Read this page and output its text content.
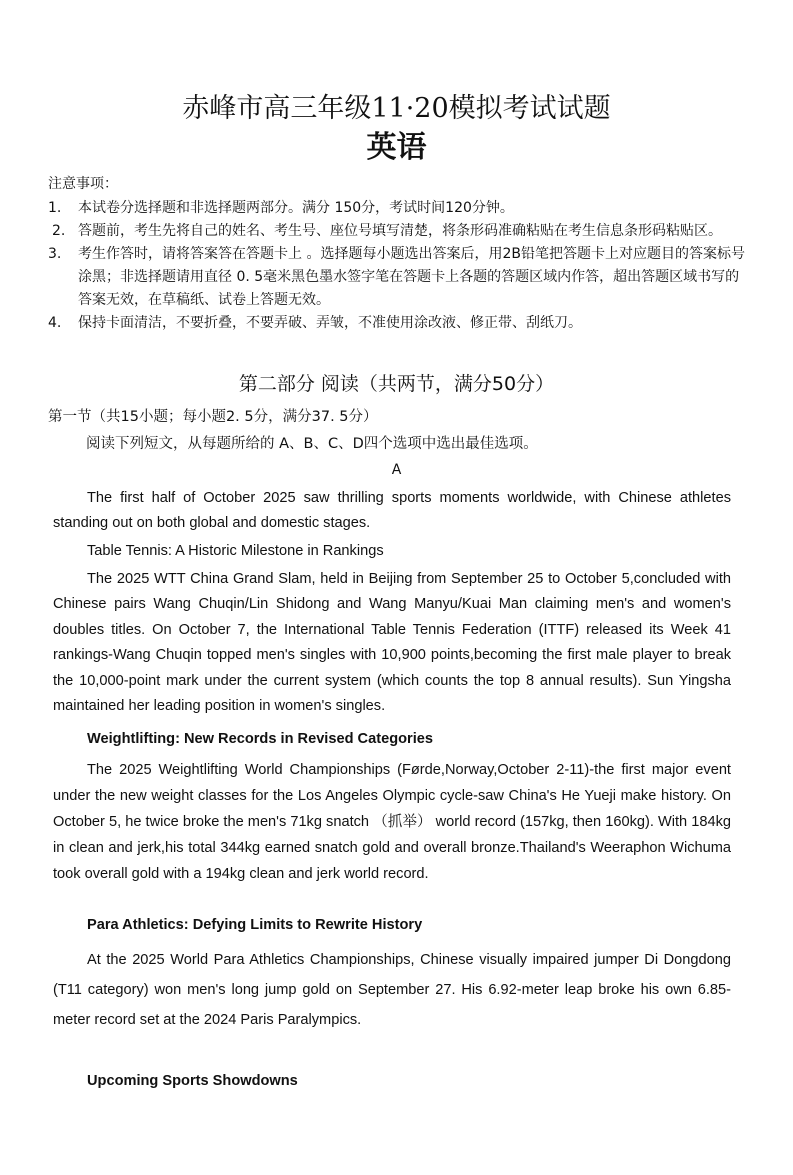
赤峰市高三年级11·20模拟考试试题
英语
注意事项：
1. 本试卷分选择题和非选择题两部分。满分 150分，考试时间120分钟。
2. 答题前，考生先将自己的姓名、考生号、座位号填写清楚，将条形码准确粘贴在考生信息条形码粘贴区。
3. 考生作答时，请将答案答在答题卡上 。选择题每小题选出答案后，用2B铅笔把答题卡上对应题目的答案标号涂黑；非选择题请用直径 0. 5毫米黑色墨水签字笔在答题卡上各题的答题区域内作答，超出答题区域书写的答案无效，在草稿纸、试卷上答题无效。
4. 保持卡面清洁，不要折叠，不要弄破、弄皱，不准使用涂改液、修正带、刮纸刀。
第二部分 阅读（共两节，满分50分）
第一节（共15小题；每小题2. 5分，满分37. 5分）
阅读下列短文，从每题所给的 A、B、C、D四个选项中选出最佳选项。
A

The first half of October 2025 saw thrilling sports moments worldwide, with Chinese athletes standing out on both global and domestic stages.

Table Tennis: A Historic Milestone in Rankings

The 2025 WTT China Grand Slam, held in Beijing from September 25 to October 5,concluded with Chinese pairs Wang Chuqin/Lin Shidong and Wang Manyu/Kuai Man claiming men's and women's doubles titles. On October 7, the International Table Tennis Federation (ITTF) released its Week 41 rankings-Wang Chuqin topped men's singles with 10,900 points,becoming the first male player to break the 10,000-point mark under the current system (which counts the top 8 annual results). Sun Yingsha maintained her leading position in women's singles.

Weightlifting: New Records in Revised Categories

The 2025 Weightlifting World Championships (Førde,Norway,October 2-11)-the first major event under the new weight classes for the Los Angeles Olympic cycle-saw China's He Yueji make history. On October 5, he twice broke the men's 71kg snatch （抓举） world record (157kg, then 160kg). With 184kg in clean and jerk,his total 344kg earned snatch gold and overall bronze.Thailand's Weeraphon Wichuma took overall gold with a 194kg clean and jerk world record.

Para Athletics: Defying Limits to Rewrite History

At the 2025 World Para Athletics Championships, Chinese visually impaired jumper Di Dongdong (T11 category) won men's long jump gold on September 27. His 6.92-meter leap broke his own 6.85-meter record set at the 2024 Paris Paralympics.

Upcoming Sports Showdowns
